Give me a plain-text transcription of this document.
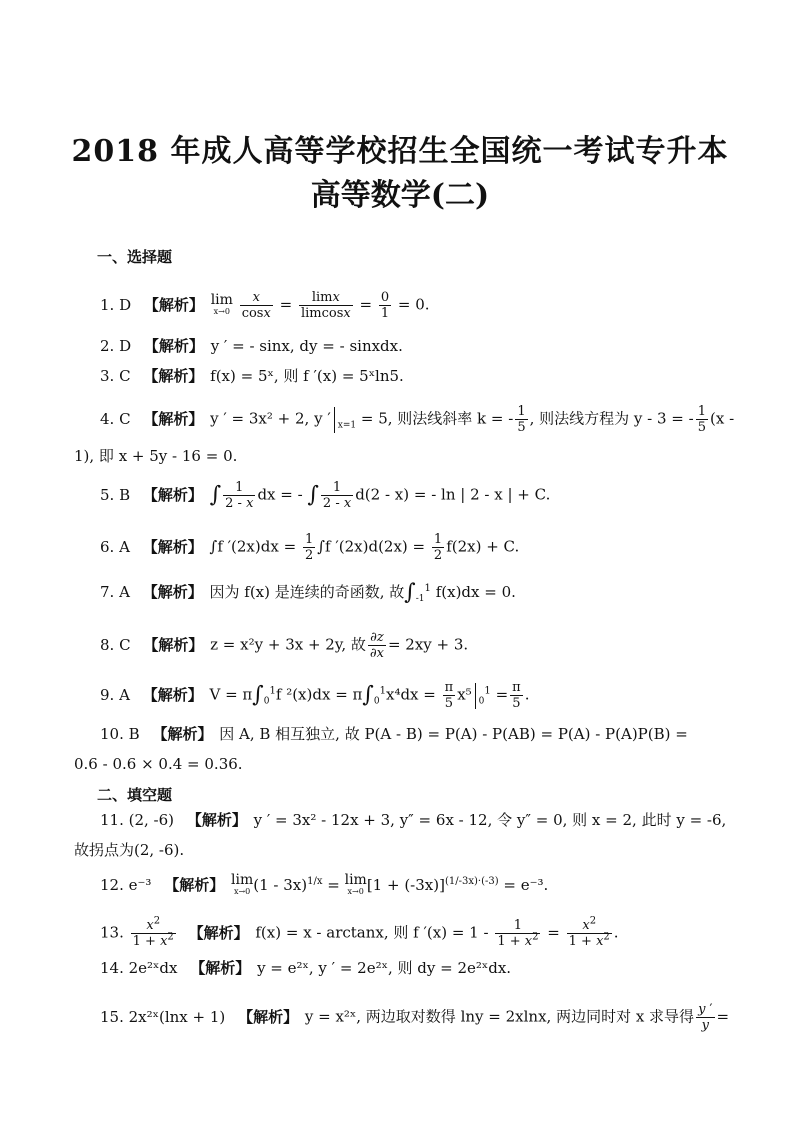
2018 年成人高等学校招生全国统一考试专升本
高等数学(二)
一、选择题
1. D 【解析】 lim
x→0
$\frac{x}{\cos x} = \frac{\lim x}{\text{limcosx}} = \frac{0}{1} = 0$.
2. D 【解析】 y ′ = - sinx, dy = - sinxdx.
3. C 【解析】 f(x) = 5ˣ, 则 f ′(x) = 5ˣln5.
4. C 【解析】 y ′ = 3x² + 2, y ′ $_{x=1}$ = 5, 则法线斜率 k = - $\frac{1}{5}$ , 则法线方程为 y - 3 = - $\frac{1}{5} (x$ -
1), 即 x + 5y - 16 = 0.
5. B 【解析】 ∫ $\frac{1}{2 - x}$ dx = - ∫ $\frac{1}{2 - x} d(2 - x)$ = - ln | 2 - x | + C.
6. A 【解析】 ∫f $'(2x)dx = \frac{1}{2} \int f$ $'(2x)d(2x) = \frac{1}{2} f(2x) + C$.
7. A 【解析】 因为 f(x) 是连续的奇函数, 故$\int_{-1}^1$ f(x)dx = 0.
8. C 【解析】 z = x²y + 3x + 2y, 故 $\frac{\partial z}{\partial x} = 2xy + 3$.
9. A 【解析】 $V = \pi\int_0^1f$ $^2(x)dx = \pi\int_0^1x^4dx = \frac{\pi}{5} x^5$ $_0^1 = \frac{\pi}{5}$ .
10. B 【解析】 因 A, B 相互独立, 故 P(A - B) = P(A) - P(AB) = P(A) - P(A)P(B) =
0.6 - 0.6 × 0.4 = 0.36.
二、填空题
11. (2, -6) 【解析】 y ′ = 3x² - 12x + 3, y″ = 6x - 12, 令 y″ = 0, 则 x = 2, 此时 y = -6,
故拐点为(2, -6).
12. e⁻³ 【解析】 lim
x→0 (1 - 3x)$^{1/x}$ = lim
x→0 $[1 + (-3x)]^{(1/-3x)\cdot(-3)} = e^{-3}$.
13. $\frac{x^2}{1 + x^2}$ 【解析】 f(x) = x - arctanx, 则 f $'(x) = 1 - \frac{1}{1 + x^2} = \frac{x^2}{1 + x^2}$ .
14. 2e²ˣdx 【解析】 y = e²ˣ, y ′ = 2e²ˣ, 则 dy = 2e²ˣdx.
15. 2x²ˣ(lnx + 1) 【解析】 y = x²ˣ, 两边取对数得 lny = 2xlnx, 两边同时对 x 求导得 $\frac{y '}{y}$ =
